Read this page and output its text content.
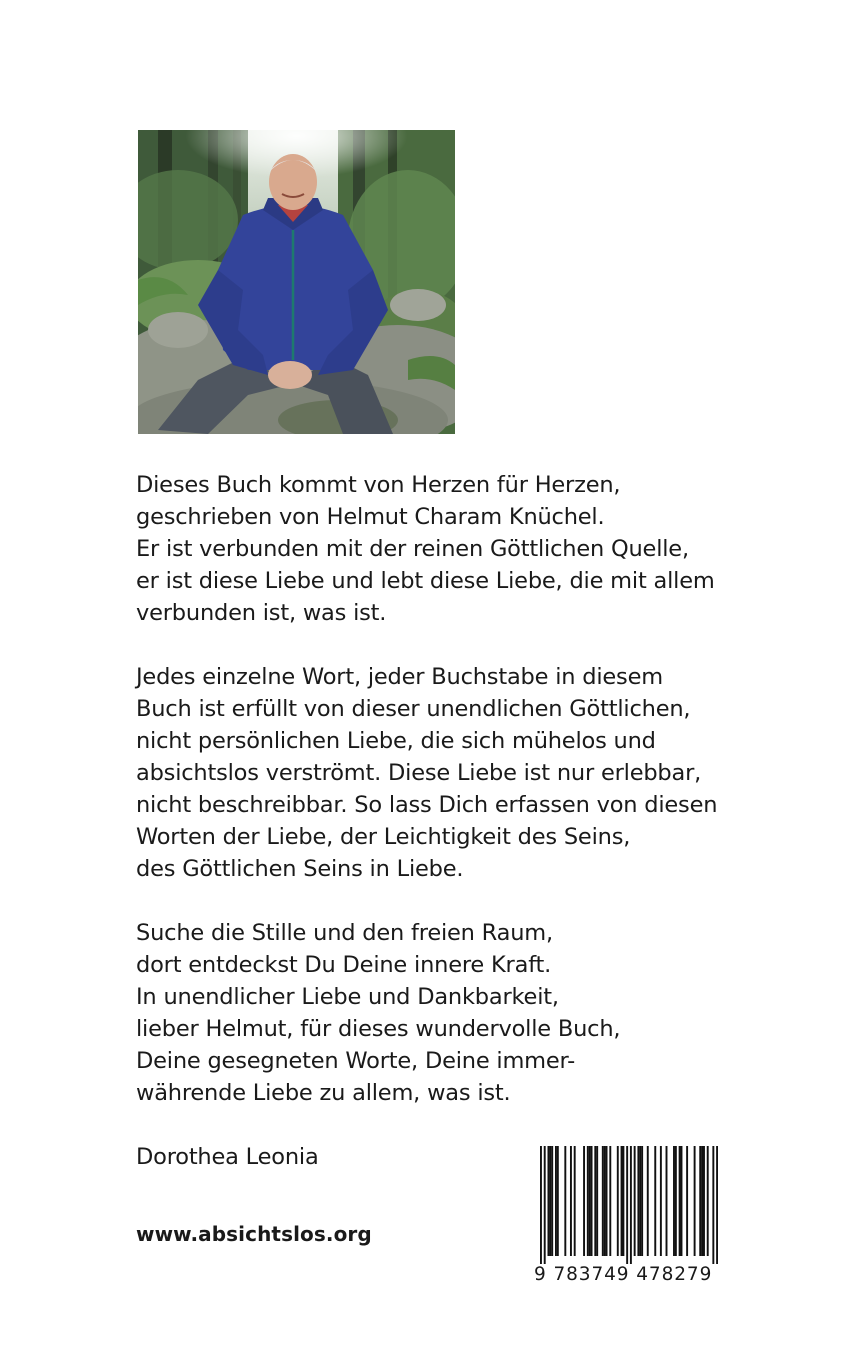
Dieses Buch kommt von Herzen für Herzen,
geschrieben von Helmut Charam Knüchel.
Er ist verbunden mit der reinen Göttlichen Quelle,
er ist diese Liebe und lebt diese Liebe, die mit allem
verbunden ist, was ist.
Jedes einzelne Wort, jeder Buchstabe in diesem
Buch ist erfüllt von dieser unendlichen Göttlichen,
nicht persönlichen Liebe, die sich mühelos und
absichtslos verströmt. Diese Liebe ist nur erlebbar,
nicht beschreibbar. So lass Dich erfassen von diesen
Worten der Liebe, der Leichtigkeit des Seins,
des Göttlichen Seins in Liebe.
Suche die Stille und den freien Raum,
dort entdeckst Du Deine innere Kraft.
In unendlicher Liebe und Dankbarkeit,
lieber Helmut, für dieses wundervolle Buch,
Deine gesegneten Worte, Deine immer-
währende Liebe zu allem, was ist.
Dorothea Leonia
www.absichtslos.org
9 783749 478279
